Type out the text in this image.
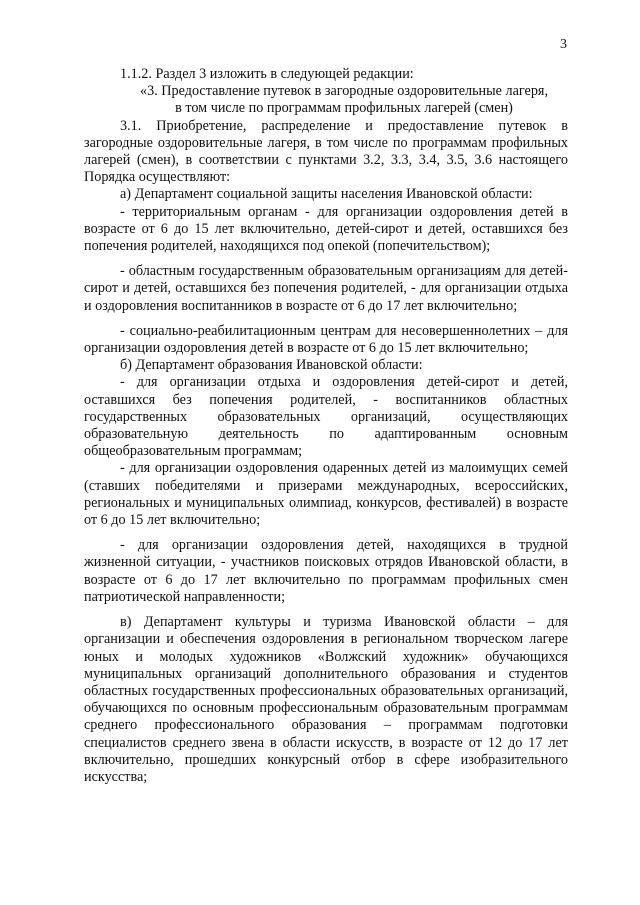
3

1.1.2. Раздел 3 изложить в следующей редакции:

«3. Предоставление путевок в загородные оздоровительные лагеря,

в том числе по программам профильных лагерей (смен)

3.1. Приобретение, распределение и предоставление путевок в загородные оздоровительные лагеря, в том числе по программам профильных лагерей (смен), в соответствии с пунктами 3.2, 3.3, 3.4, 3.5, 3.6 настоящего Порядка осуществляют:

а) Департамент социальной защиты населения Ивановской области:

- территориальным органам - для организации оздоровления детей в возрасте от 6 до 15 лет включительно, детей-сирот и детей, оставшихся без попечения родителей, находящихся под опекой (попечительством);

- областным государственным образовательным организациям для детей-сирот и детей, оставшихся без попечения родителей, - для организации отдыха и оздоровления воспитанников в возрасте от 6 до 17 лет включительно;

- социально-реабилитационным центрам для несовершеннолетних – для организации оздоровления детей в возрасте от 6 до 15 лет включительно;

б) Департамент образования Ивановской области:

- для организации отдыха и оздоровления детей-сирот и детей, оставшихся без попечения родителей, - воспитанников областных государственных образовательных организаций, осуществляющих образовательную деятельность по адаптированным основным общеобразовательным программам;

- для организации оздоровления одаренных детей из малоимущих семей (ставших победителями и призерами международных, всероссийских, региональных и муниципальных олимпиад, конкурсов, фестивалей) в возрасте от 6 до 15 лет включительно;

- для организации оздоровления детей, находящихся в трудной жизненной ситуации, - участников поисковых отрядов Ивановской области, в возрасте от 6 до 17 лет включительно по программам профильных смен патриотической направленности;

в) Департамент культуры и туризма Ивановской области – для организации и обеспечения оздоровления в региональном творческом лагере юных и молодых художников «Волжский художник» обучающихся муниципальных организаций дополнительного образования и студентов областных государственных профессиональных образовательных организаций, обучающихся по основным профессиональным образовательным программам среднего профессионального образования – программам подготовки специалистов среднего звена в области искусств, в возрасте от 12 до 17 лет включительно, прошедших конкурсный отбор в сфере изобразительного искусства;
